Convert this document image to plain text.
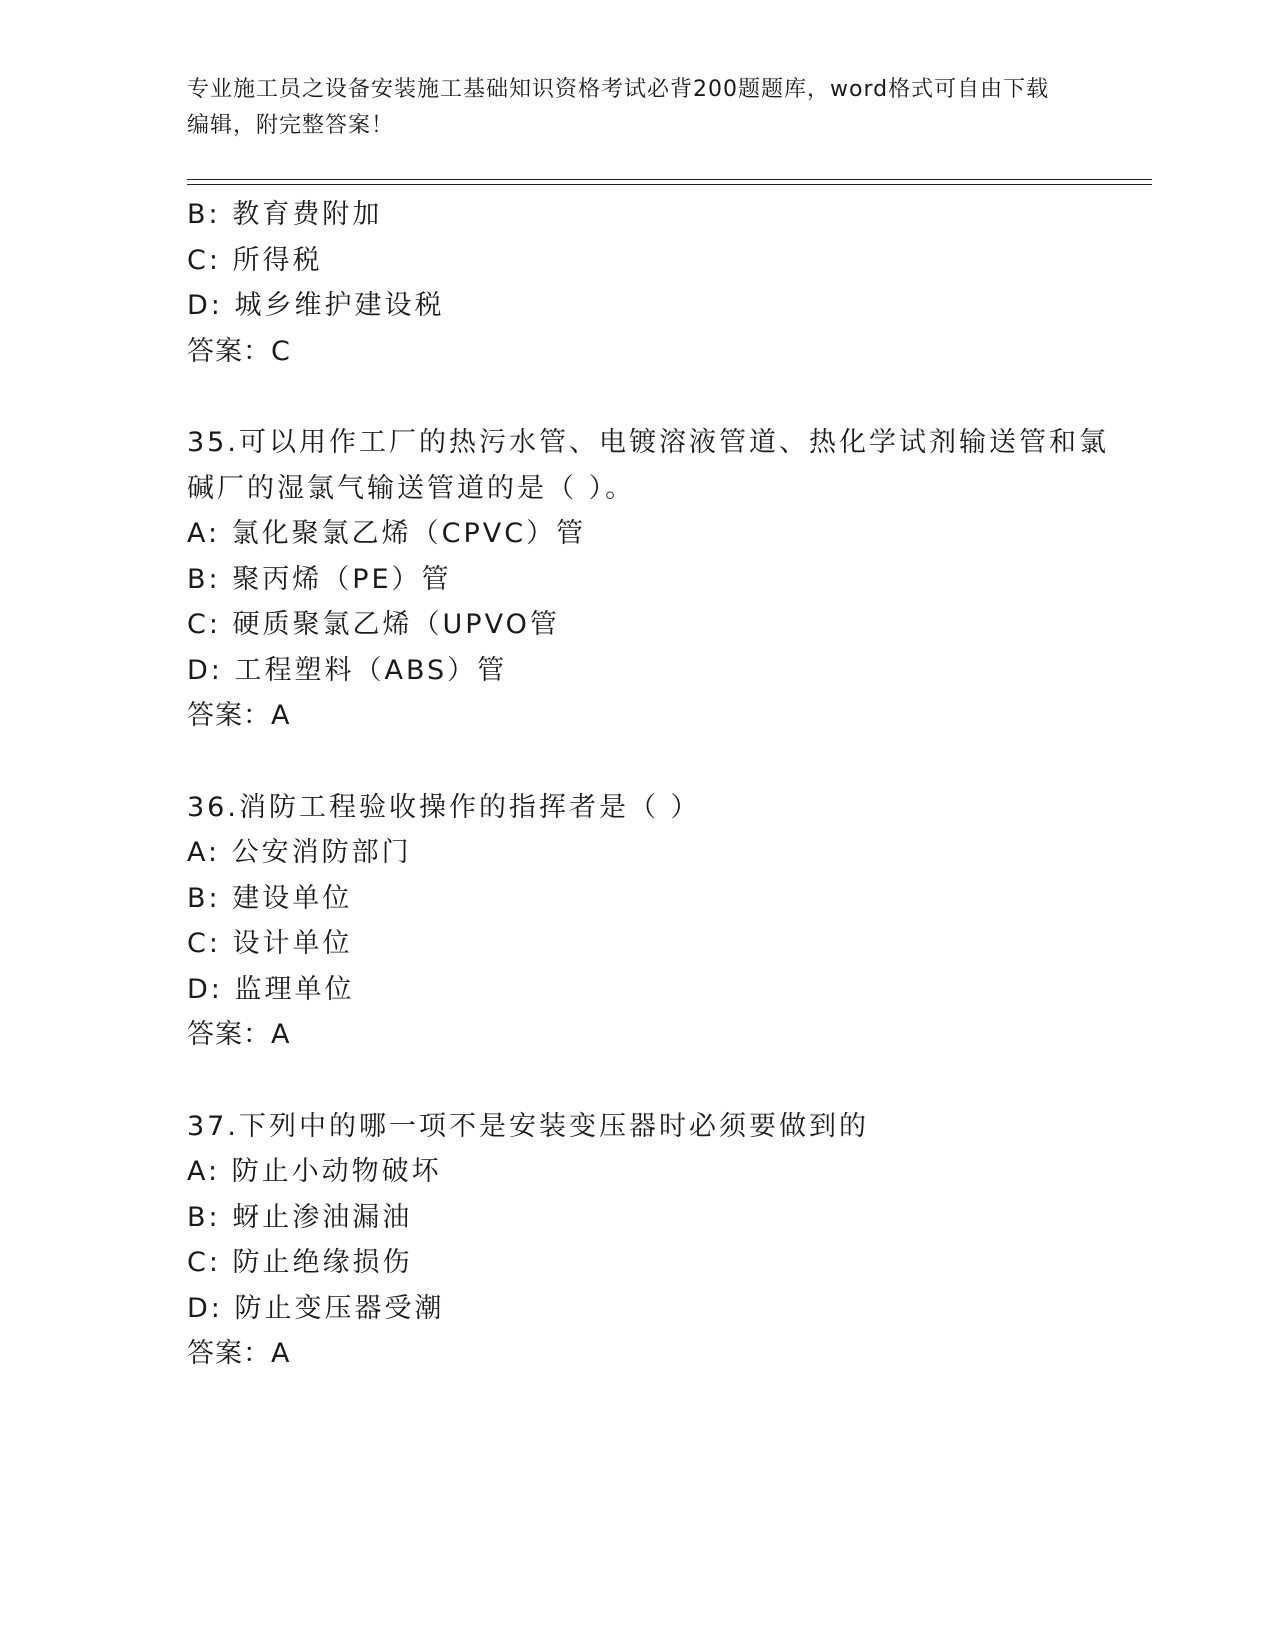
专业施工员之设备安装施工基础知识资格考试必背200题题库，word格式可自由下载编辑，附完整答案！
B: 教育费附加
C: 所得税
D: 城乡维护建设税
答案：C
35.可以用作工厂的热污水管、电镀溶液管道、热化学试剂输送管和氯
碱厂的湿氯气输送管道的是（ ）。
A: 氯化聚氯乙烯（CPVC）管
B: 聚丙烯（PE）管
C: 硬质聚氯乙烯（UPVO管
D: 工程塑料（ABS）管
答案：A
36.消防工程验收操作的指挥者是（ ）
A: 公安消防部门
B: 建设单位
C: 设计单位
D: 监理单位
答案：A
37.下列中的哪一项不是安装变压器时必须要做到的
A: 防止小动物破坏
B: 蚜止渗油漏油
C: 防止绝缘损伤
D: 防止变压器受潮
答案：A
